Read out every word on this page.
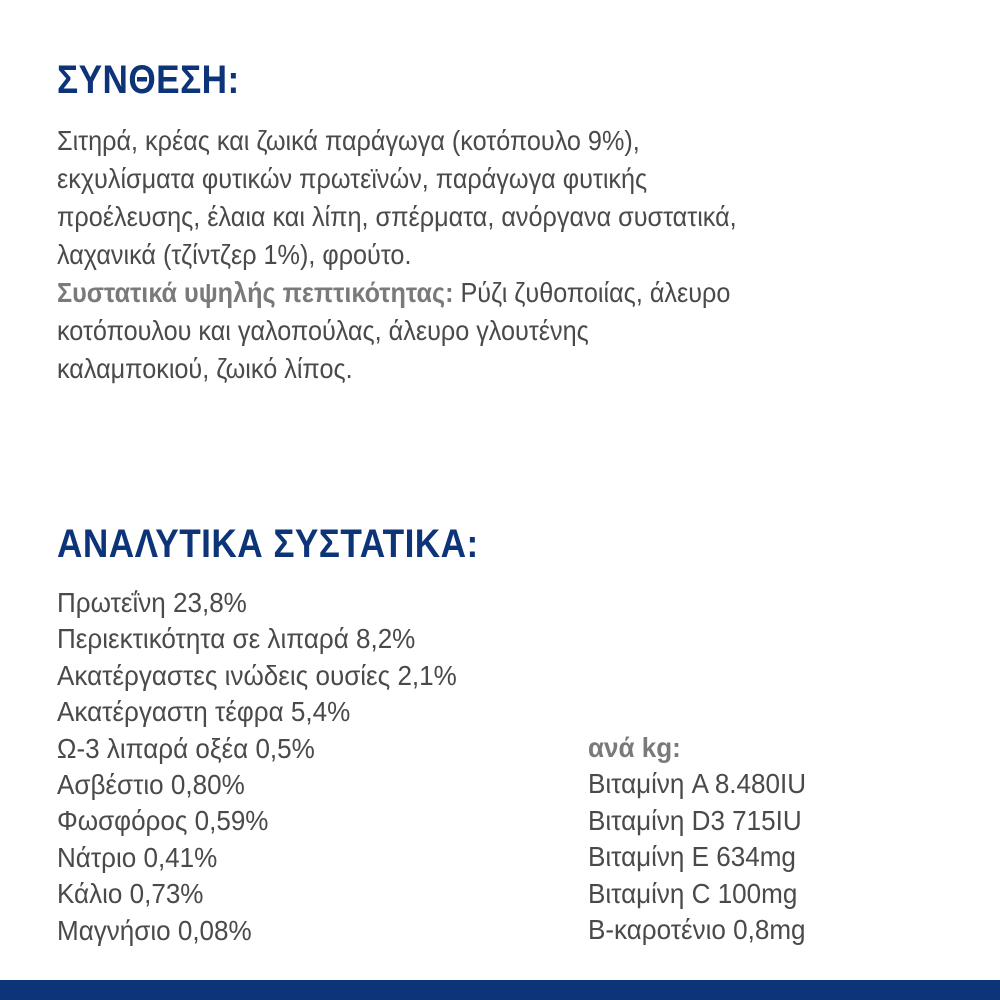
ΣΥΝΘΕΣΗ:
Σιτηρά, κρέας και ζωικά παράγωγα (κοτόπουλο 9%),
εκχυλίσματα φυτικών πρωτεϊνών, παράγωγα φυτικής
προέλευσης, έλαια και λίπη, σπέρματα, ανόργανα συστατικά,
λαχανικά (τζίντζερ 1%), φρούτο.
Συστατικά υψηλής πεπτικότητας: Ρύζι ζυθοποιίας, άλευρο
κοτόπουλου και γαλοπούλας, άλευρο γλουτένης
καλαμποκιού, ζωικό λίπος.
ΑΝΑΛΥΤΙΚΑ ΣΥΣΤΑΤΙΚΑ:
Πρωτεΐνη 23,8%
Περιεκτικότητα σε λιπαρά 8,2%
Ακατέργαστες ινώδεις ουσίες 2,1%
Ακατέργαστη τέφρα 5,4%
Ω-3 λιπαρά οξέα 0,5%
Ασβέστιο 0,80%
Φωσφόρος 0,59%
Νάτριο 0,41%
Κάλιο 0,73%
Μαγνήσιο 0,08%
ανά kg:
Βιταμίνη A 8.480IU
Βιταμίνη D3 715IU
Βιταμίνη E 634mg
Βιταμίνη C 100mg
Β-καροτένιο 0,8mg
